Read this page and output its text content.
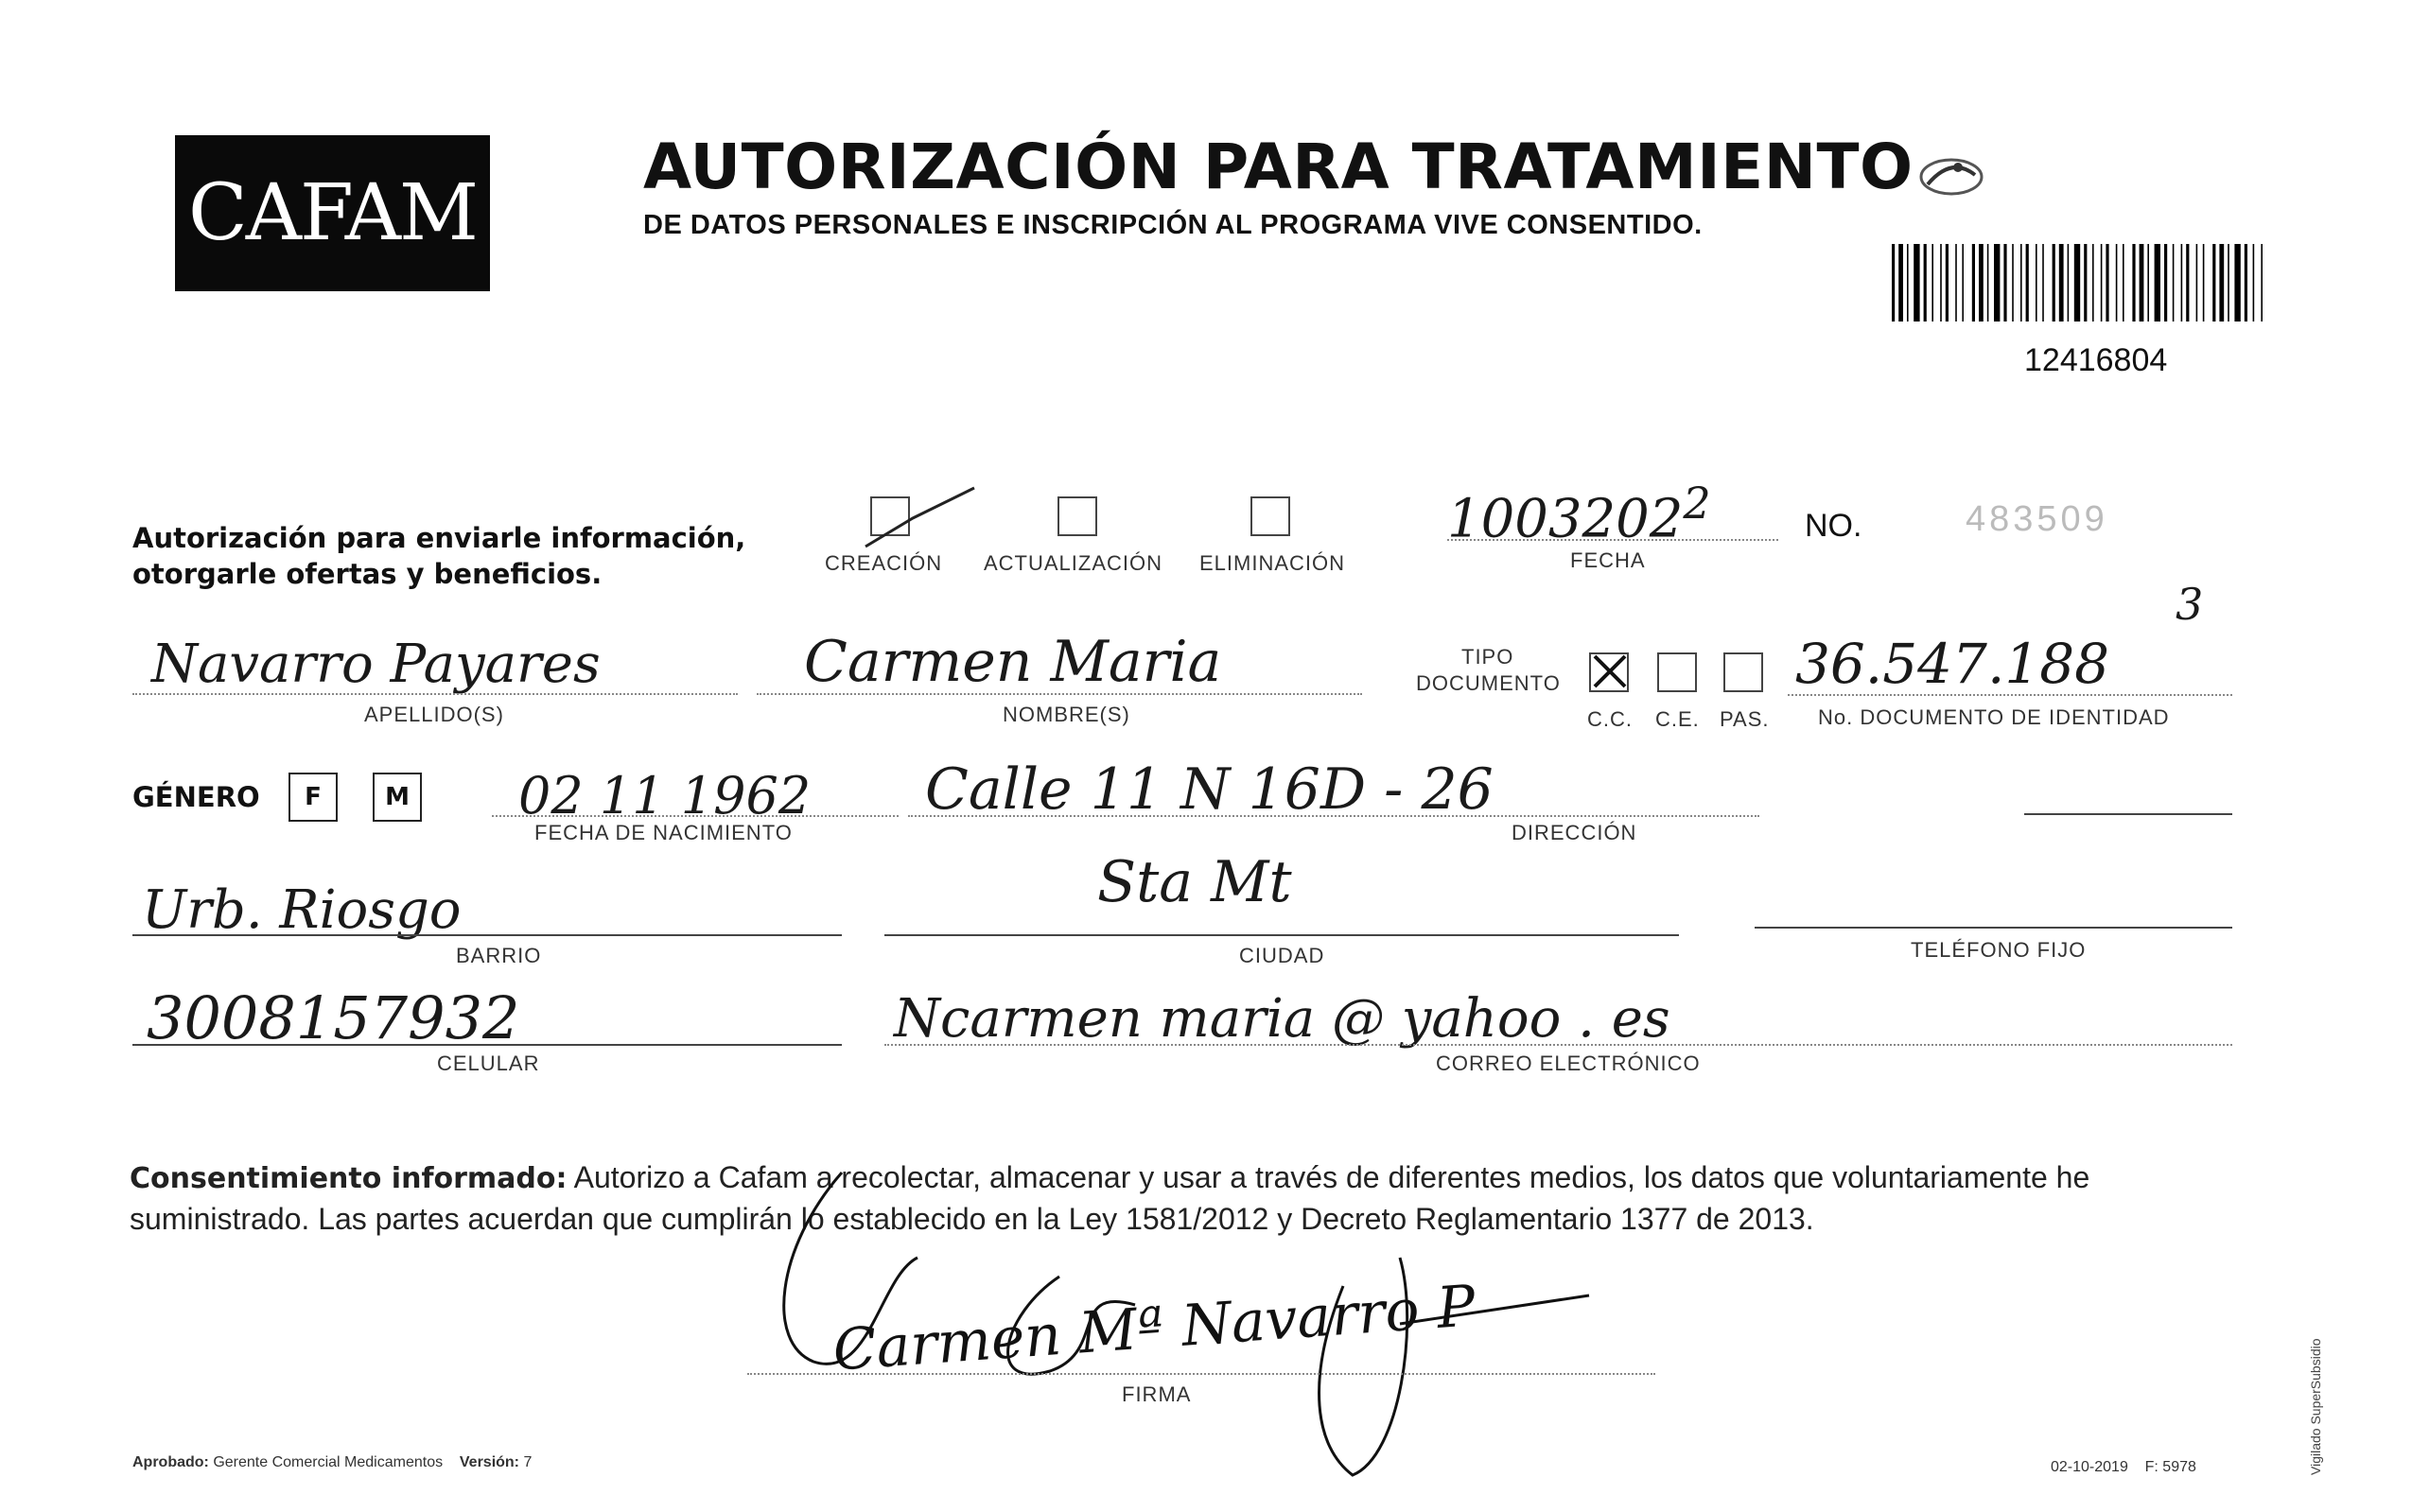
CAFAM
AUTORIZACIÓN PARA TRATAMIENTO
DE DATOS PERSONALES E INSCRIPCIÓN AL PROGRAMA VIVE CONSENTIDO.
12416804
Autorización para enviarle información,
otorgarle ofertas y beneficios.	CREACIÓN ACTUALIZACIÓN ELIMINACIÓN
1003202$^2$
FECHA
NO.	483509
Navarro Payares
APELLIDO(S)
Carmen Maria
NOMBRE(S)
TIPO
DOCUMENTO
C.C. C.E. PAS.
3
36.547.188
No. DOCUMENTO DE IDENTIDAD
GÉNERO F	M 02 11 1962
FECHA DE NACIMIENTO
Calle 11 N 16D - 26
DIRECCIÓN
Urb. Riosgo
BARRIO
Sta Mt
CIUDAD	TELÉFONO FIJO
3008157932
CELULAR
Ncarmen maria @ yahoo . es
CORREO ELECTRÓNICO
Consentimiento informado: Autorizo a Cafam a recolectar, almacenar y usar a través de diferentes medios, los datos que voluntariamente he suministrado. Las partes acuerdan que cumplirán lo establecido en la Ley 1581/2012 y Decreto Reglamentario 1377 de 2013.
Carmen Mª Navarro P
FIRMA
Aprobado: Gerente Comercial Medicamentos Versión: 7	02-10-2019 F: 5978	Vigilado SuperSubsidio
